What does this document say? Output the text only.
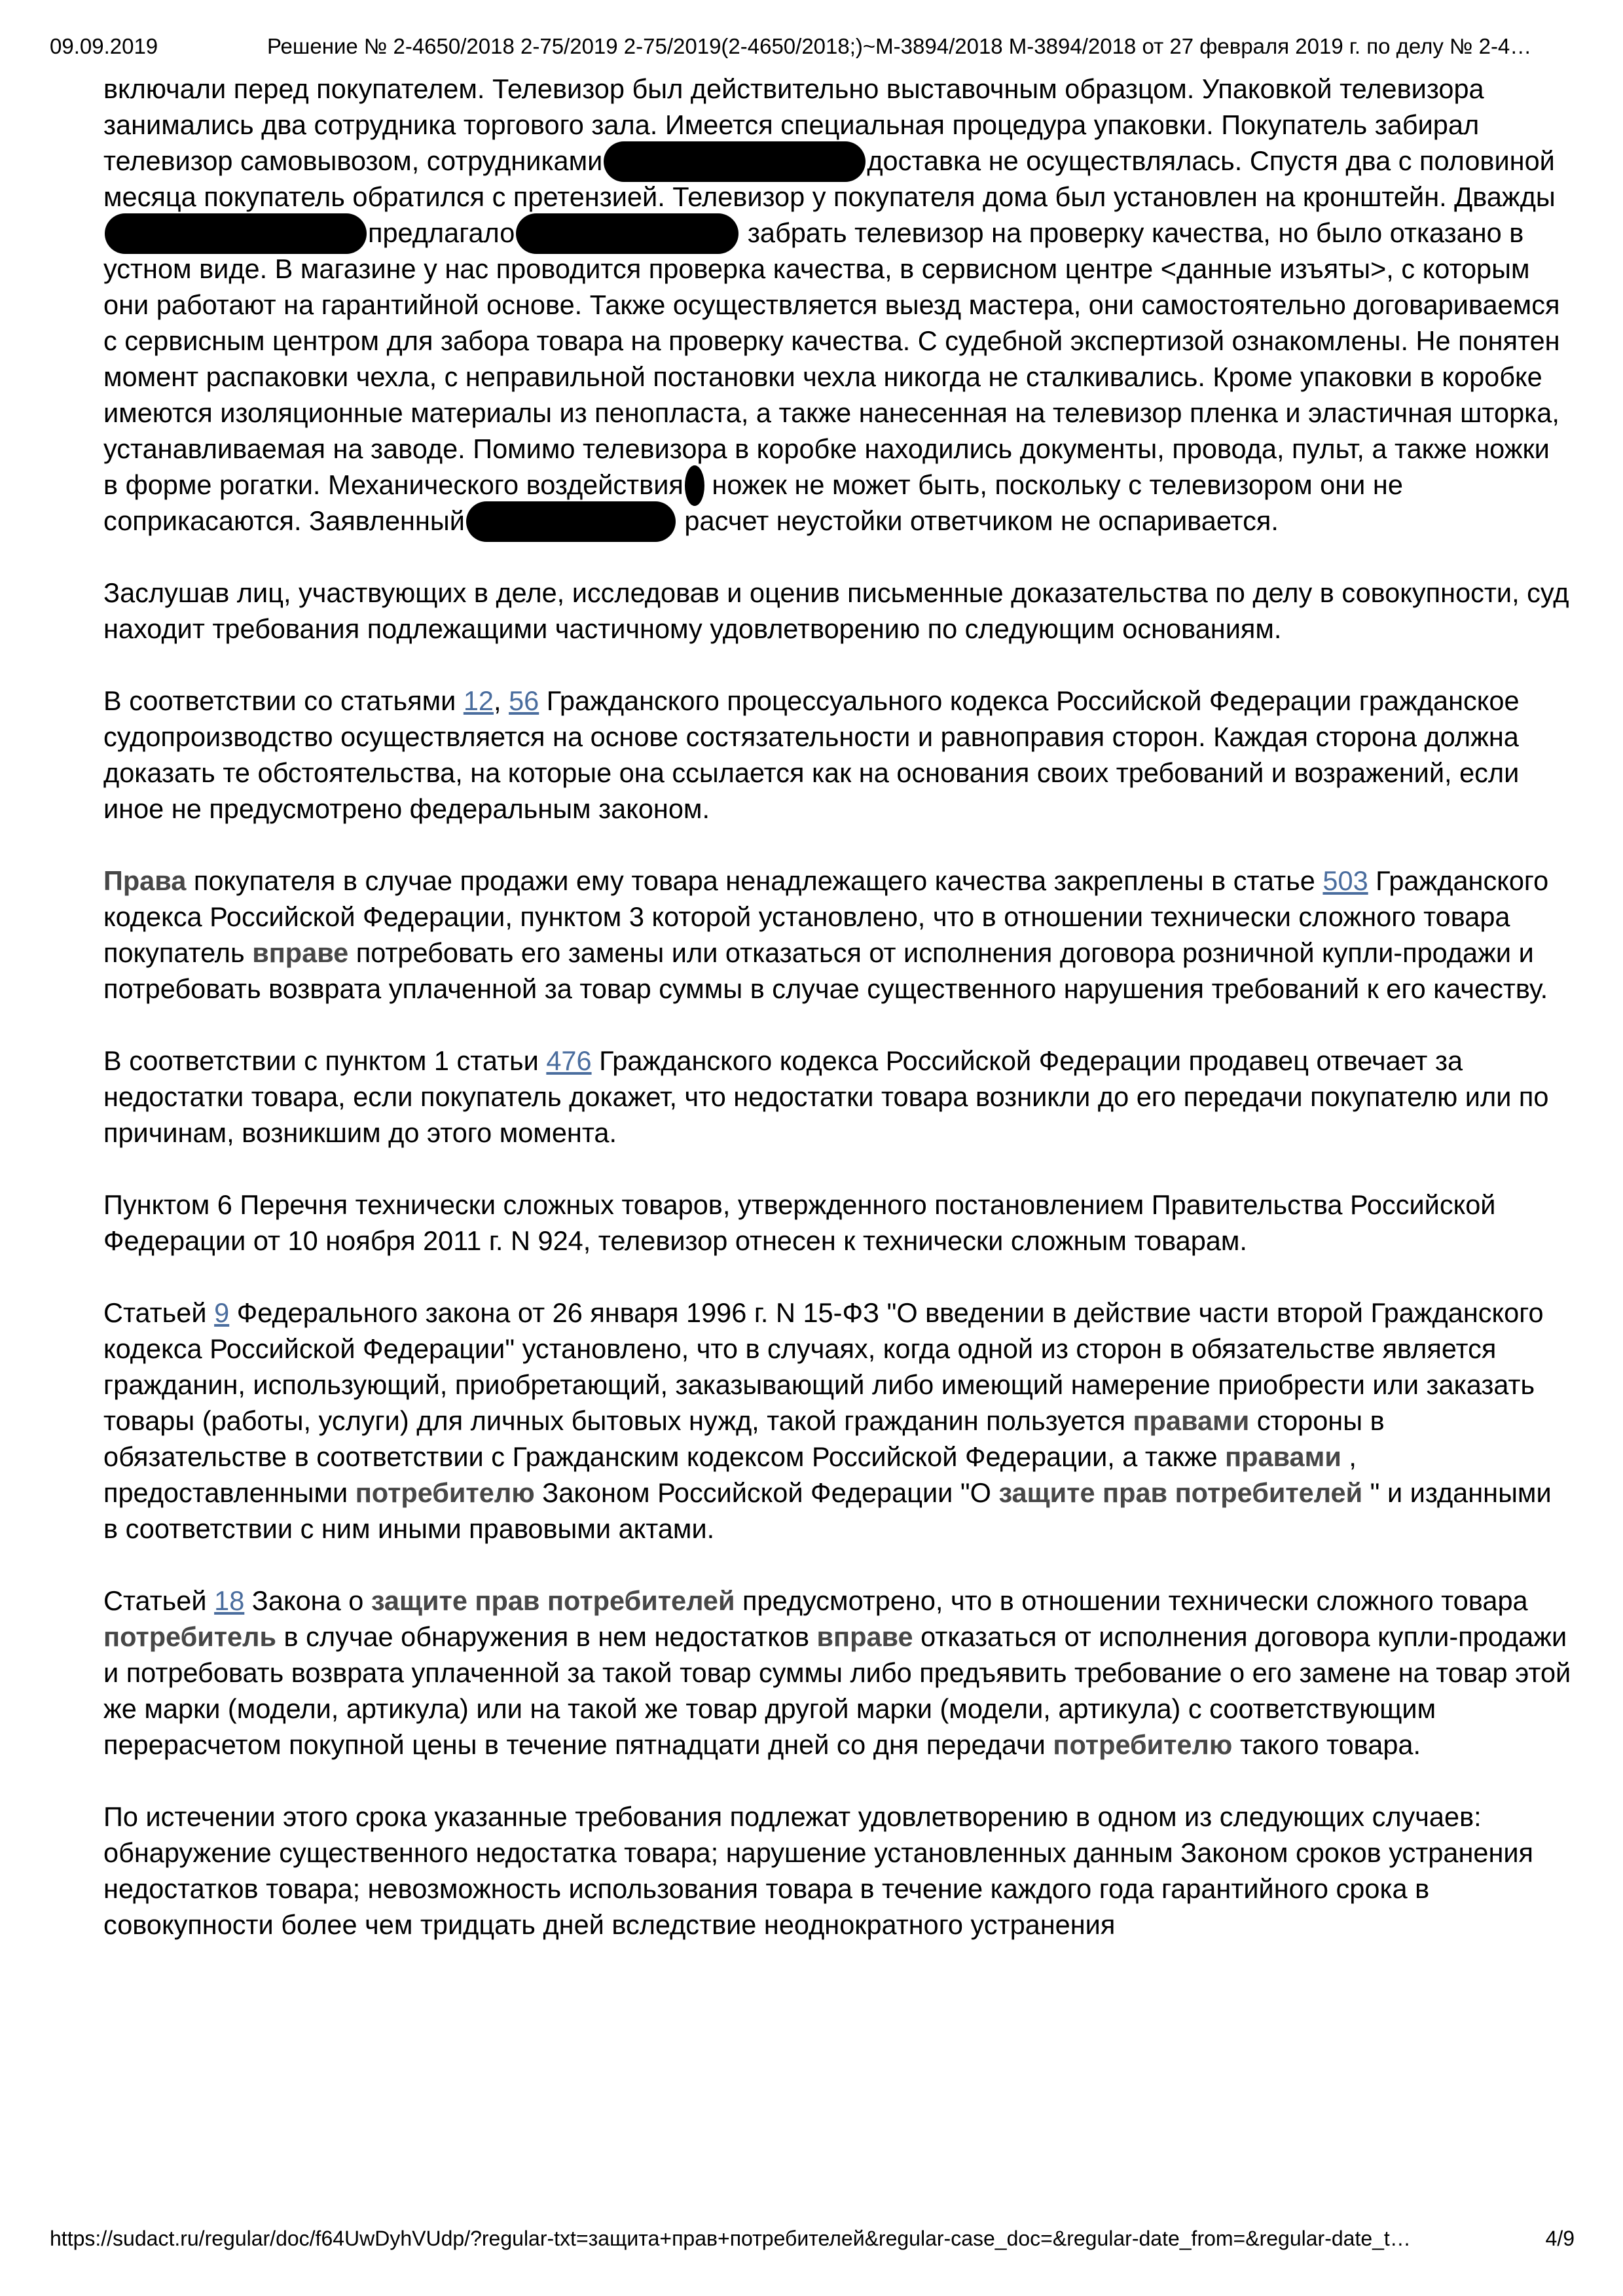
09.09.2019	Решение № 2-4650/2018 2-75/2019 2-75/2019(2-4650/2018;)~М-3894/2018 М-3894/2018 от 27 февраля 2019 г. по делу № 2-4…

включали перед покупателем. Телевизор был действительно выставочным образцом. Упаковкой телевизора занимались два сотрудника торгового зала. Имеется специальная процедура упаковки. Покупатель забирал телевизор самовывозом, сотрудниками	доставка не осуществлялась. Спустя два с половиной месяца покупатель обратился с претензией. Телевизор у покупателя дома был установлен на кронштейн. Дваждыпредлагало	забрать телевизор на проверку качества, но было отказано в устном виде. В магазине у нас проводится проверка качества, в сервисном центре <данные изъяты>, с которым они работают на гарантийной основе. Также осуществляется выезд мастера, они самостоятельно договариваемся с сервисным центром для забора товара на проверку качества. С судебной экспертизой ознакомлены. Не понятен момент распаковки чехла, с неправильной постановки чехла никогда не сталкивались. Кроме упаковки в коробке имеются изоляционные материалы из пенопласта, а также нанесенная на телевизор пленка и эластичная шторка, устанавливаемая на заводе. Помимо телевизора в коробке находились документы, провода, пульт, а также ножки в форме рогатки. Механического воздействия ножек не может быть, поскольку с телевизором они не соприкасаются. Заявленный	расчет неустойки ответчиком не оспаривается.

Заслушав лиц, участвующих в деле, исследовав и оценив письменные доказательства по делу в совокупности, суд находит требования подлежащими частичному удовлетворению по следующим основаниям.

В соответствии со статьями 12, 56 Гражданского процессуального кодекса Российской Федерации гражданское судопроизводство осуществляется на основе состязательности и равноправия сторон. Каждая сторона должна доказать те обстоятельства, на которые она ссылается как на основания своих требований и возражений, если иное не предусмотрено федеральным законом.

Права покупателя в случае продажи ему товара ненадлежащего качества закреплены в статье 503 Гражданского кодекса Российской Федерации, пунктом 3 которой установлено, что в отношении технически сложного товара покупатель вправе потребовать его замены или отказаться от исполнения договора розничной купли-продажи и потребовать возврата уплаченной за товар суммы в случае существенного нарушения требований к его качеству.

В соответствии с пунктом 1 статьи 476 Гражданского кодекса Российской Федерации продавец отвечает за недостатки товара, если покупатель докажет, что недостатки товара возникли до его передачи покупателю или по причинам, возникшим до этого момента.

Пунктом 6 Перечня технически сложных товаров, утвержденного постановлением Правительства Российской Федерации от 10 ноября 2011 г. N 924, телевизор отнесен к технически сложным товарам.

Статьей 9 Федерального закона от 26 января 1996 г. N 15-ФЗ "О введении в действие части второй Гражданского кодекса Российской Федерации" установлено, что в случаях, когда одной из сторон в обязательстве является гражданин, использующий, приобретающий, заказывающий либо имеющий намерение приобрести или заказать товары (работы, услуги) для личных бытовых нужд, такой гражданин пользуется правами стороны в обязательстве в соответствии с Гражданским кодексом Российской Федерации, а также правами , предоставленными потребителю Законом Российской Федерации "О защите прав потребителей " и изданными в соответствии с ним иными правовыми актами.

Статьей 18 Закона о защите прав потребителей предусмотрено, что в отношении технически сложного товара потребитель в случае обнаружения в нем недостатков вправе отказаться от исполнения договора купли-продажи и потребовать возврата уплаченной за такой товар суммы либо предъявить требование о его замене на товар этой же марки (модели, артикула) или на такой же товар другой марки (модели, артикула) с соответствующим перерасчетом покупной цены в течение пятнадцати дней со дня передачи потребителю такого товара.

По истечении этого срока указанные требования подлежат удовлетворению в одном из следующих случаев: обнаружение существенного недостатка товара; нарушение установленных данным Законом сроков устранения недостатков товара; невозможность использования товара в течение каждого года гарантийного срока в совокупности более чем тридцать дней вследствие неоднократного устранения

https://sudact.ru/regular/doc/f64UwDyhVUdp/?regular-txt=защита+прав+потребителей&regular-case_doc=&regular-date_from=&regular-date_t…	4/9
